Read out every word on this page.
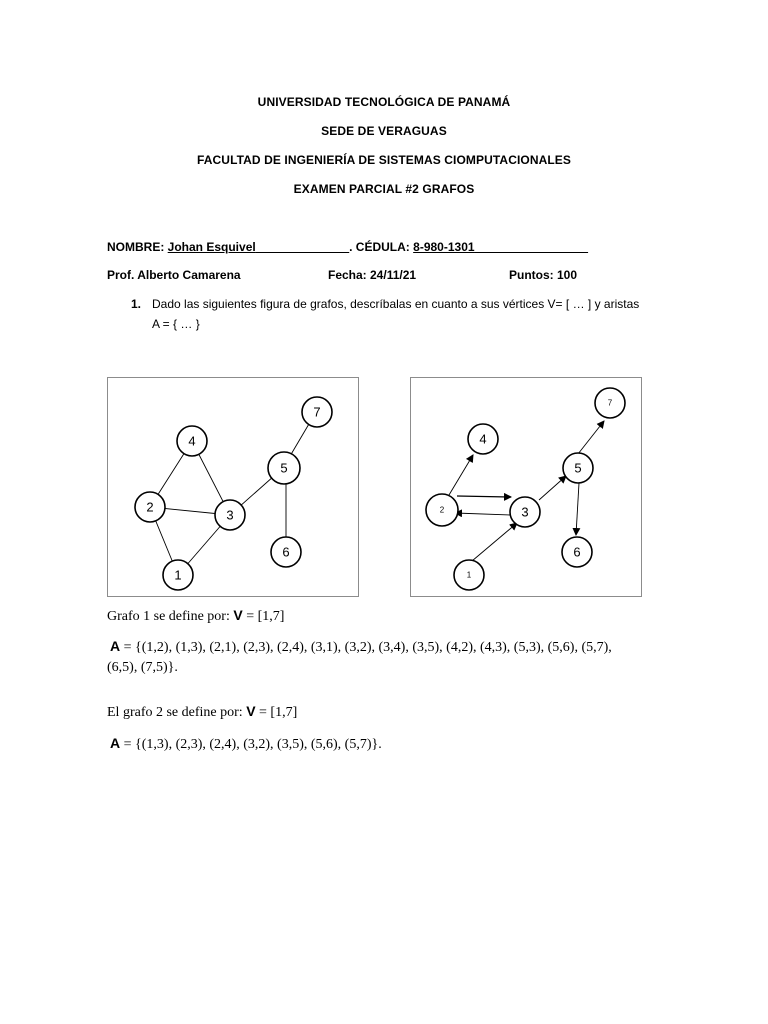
UNIVERSIDAD TECNOLÓGICA DE PANAMÁ
SEDE DE VERAGUAS
FACULTAD DE INGENIERÍA DE SISTEMAS CIOMPUTACIONALES
EXAMEN PARCIAL #2 GRAFOS
NOMBRE: Johan Esquivel______________. CÉDULA: 8-980-1301_________________
Prof. Alberto Camarena	Fecha: 24/11/21	Puntos: 100
1. Dado las siguientes figura de grafos, descríbalas en cuanto a sus vértices V= [ … ] y aristas
A = { … }
1
2
3
4
5
6
7
1
2	3
4
5
6
7
Grafo 1 se define por: V = [1,7]
A = {(1,2), (1,3), (2,1), (2,3), (2,4), (3,1), (3,2), (3,4), (3,5), (4,2), (4,3), (5,3), (5,6), (5,7),
(6,5), (7,5)}.
El grafo 2 se define por: V = [1,7]
A = {(1,3), (2,3), (2,4), (3,2), (3,5), (5,6), (5,7)}.
